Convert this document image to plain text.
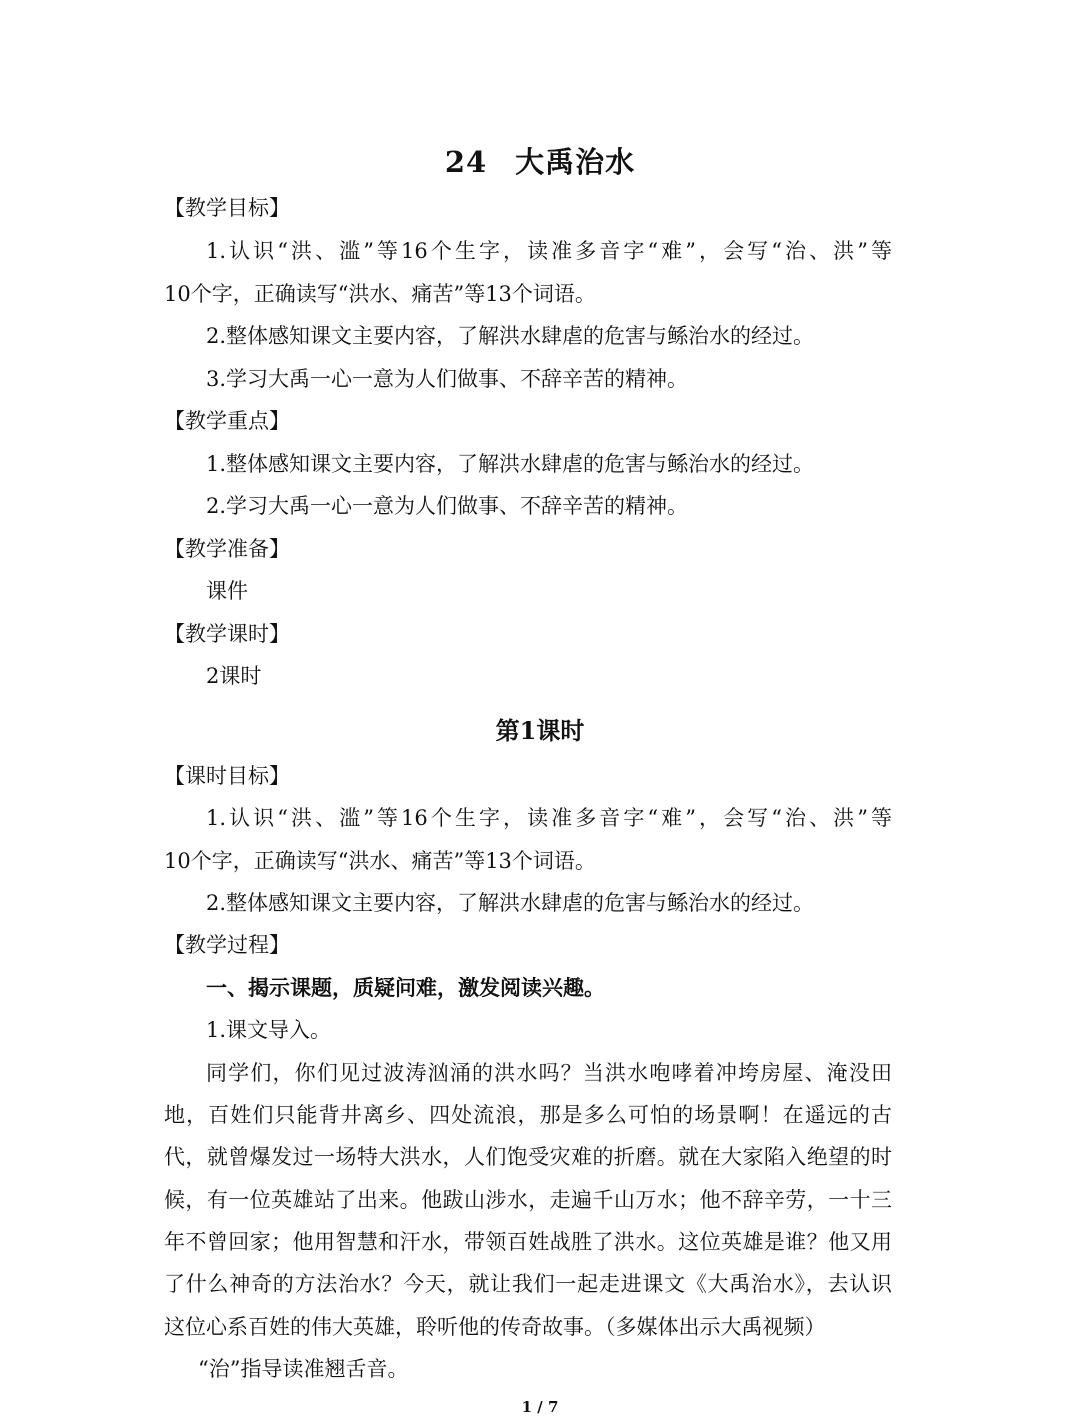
24 大禹治水
【教学目标】
1.认识“洪、滥”等16个生字，读准多音字“难”，会写“治、洪”等
10个字，正确读写“洪水、痛苦”等13个词语。
2.整体感知课文主要内容，了解洪水肆虐的危害与鲧治水的经过。
3.学习大禹一心一意为人们做事、不辞辛苦的精神。
【教学重点】
1.整体感知课文主要内容，了解洪水肆虐的危害与鲧治水的经过。
2.学习大禹一心一意为人们做事、不辞辛苦的精神。
【教学准备】
课件
【教学课时】
2课时
第1课时
【课时目标】
1.认识“洪、滥”等16个生字，读准多音字“难”，会写“治、洪”等
10个字，正确读写“洪水、痛苦”等13个词语。
2.整体感知课文主要内容，了解洪水肆虐的危害与鲧治水的经过。
【教学过程】
一、揭示课题，质疑问难，激发阅读兴趣。
1.课文导入。
同学们，你们见过波涛汹涌的洪水吗？当洪水咆哮着冲垮房屋、淹没田
地，百姓们只能背井离乡、四处流浪，那是多么可怕的场景啊！在遥远的古
代，就曾爆发过一场特大洪水，人们饱受灾难的折磨。就在大家陷入绝望的时
候，有一位英雄站了出来。他跋山涉水，走遍千山万水；他不辞辛劳，一十三
年不曾回家；他用智慧和汗水，带领百姓战胜了洪水。这位英雄是谁？他又用
了什么神奇的方法治水？今天，就让我们一起走进课文《大禹治水》，去认识
这位心系百姓的伟大英雄，聆听他的传奇故事。（多媒体出示大禹视频）
“治”指导读准翘舌音。
1 / 7
